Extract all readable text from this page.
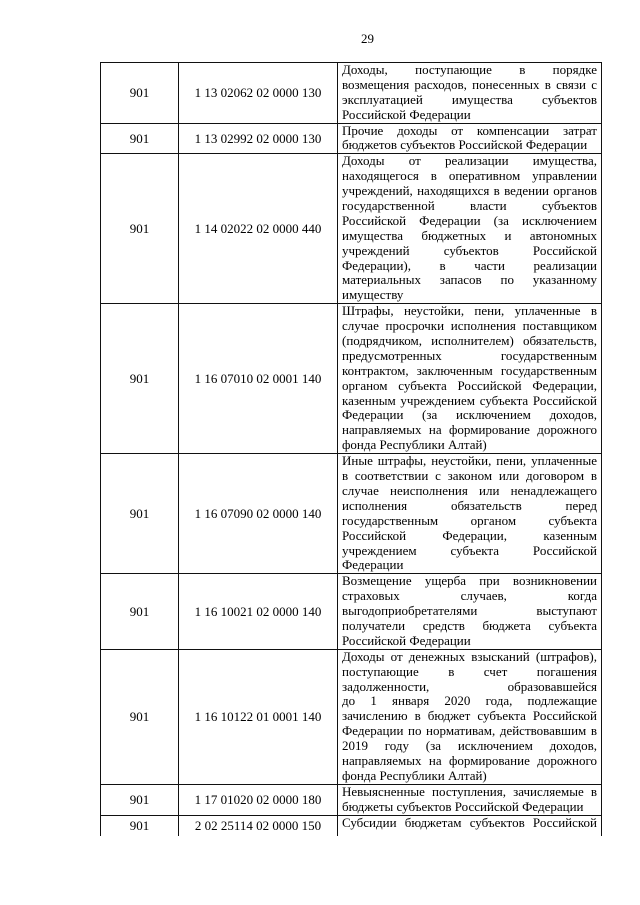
29
901	1 13 02062 02 0000 130
Доходы, поступающие в порядке
возмещения расходов, понесенных в связи с
эксплуатацией имущества субъектов
Российской Федерации
901	1 13 02992 02 0000 130
Прочие доходы от компенсации затрат
бюджетов субъектов Российской Федерации
901	1 14 02022 02 0000 440
Доходы от реализации имущества,
находящегося в оперативном управлении
учреждений, находящихся в ведении органов
государственной власти субъектов
Российской Федерации (за исключением
имущества бюджетных и автономных
учреждений субъектов Российской
Федерации), в части реализации
материальных запасов по указанному
имуществу
901	1 16 07010 02 0001 140
Штрафы, неустойки, пени, уплаченные в
случае просрочки исполнения поставщиком
(подрядчиком, исполнителем) обязательств,
предусмотренных государственным
контрактом, заключенным государственным
органом субъекта Российской Федерации,
казенным учреждением субъекта Российской
Федерации (за исключением доходов,
направляемых на формирование дорожного
фонда Республики Алтай)
901	1 16 07090 02 0000 140
Иные штрафы, неустойки, пени, уплаченные
в соответствии с законом или договором в
случае неисполнения или ненадлежащего
исполнения обязательств перед
государственным органом субъекта
Российской Федерации, казенным
учреждением субъекта Российской
Федерации
901	1 16 10021 02 0000 140
Возмещение ущерба при возникновении
страховых случаев, когда
выгодоприобретателями выступают
получатели средств бюджета субъекта
Российской Федерации
901	1 16 10122 01 0001 140
Доходы от денежных взысканий (штрафов),
поступающие в счет погашения
задолженности, образовавшейся
до 1 января 2020 года, подлежащие
зачислению в бюджет субъекта Российской
Федерации по нормативам, действовавшим в
2019 году (за исключением доходов,
направляемых на формирование дорожного
фонда Республики Алтай)
901	1 17 01020 02 0000 180
Невыясненные поступления, зачисляемые в
бюджеты субъектов Российской Федерации
901	2 02 25114 02 0000 150 Субсидии бюджетам субъектов Российской
